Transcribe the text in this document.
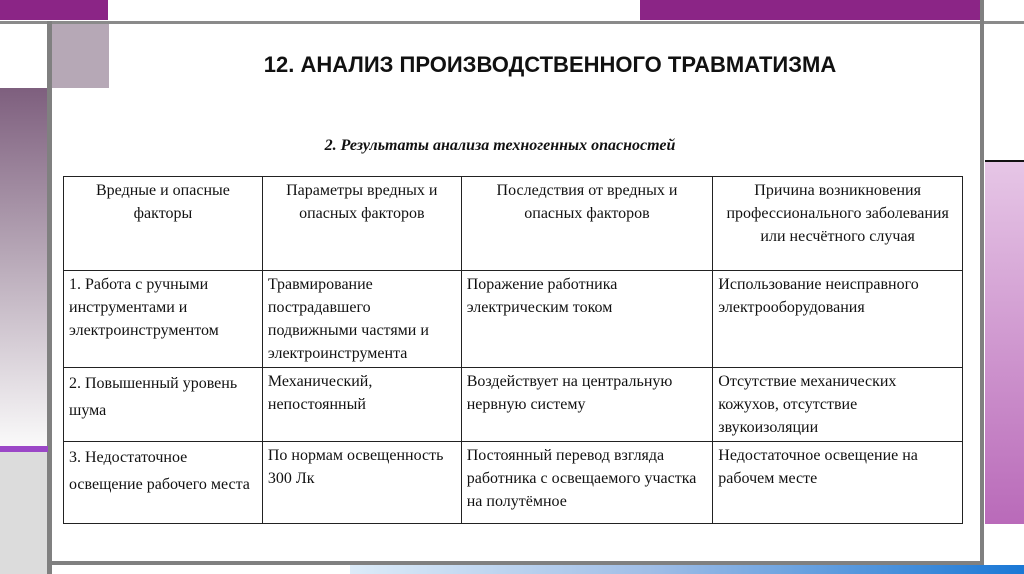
12. АНАЛИЗ ПРОИЗВОДСТВЕННОГО ТРАВМАТИЗМА
2. Результаты анализа техногенных опасностей
Вредные и опасные факторы	Параметры вредных и опасных факторов	Последствия от вредных и опасных факторов	Причина возникновения профессионального заболевания или несчётного случая
1. Работа с ручными инструментами и электроинструментом	Травмирование пострадавшего подвижными частями и электроинструмента	Поражение работника электрическим током	Использование неисправного электрооборудования
2. Повышенный уровень шума	Механический, непостоянный	Воздействует на центральную нервную систему	Отсутствие механических кожухов, отсутствие звукоизоляции
3. Недостаточное освещение рабочего места	По нормам освещенность 300 Лк	Постоянный перевод взгляда работника с освещаемого участка на полутёмное	Недостаточное освещение на рабочем месте
